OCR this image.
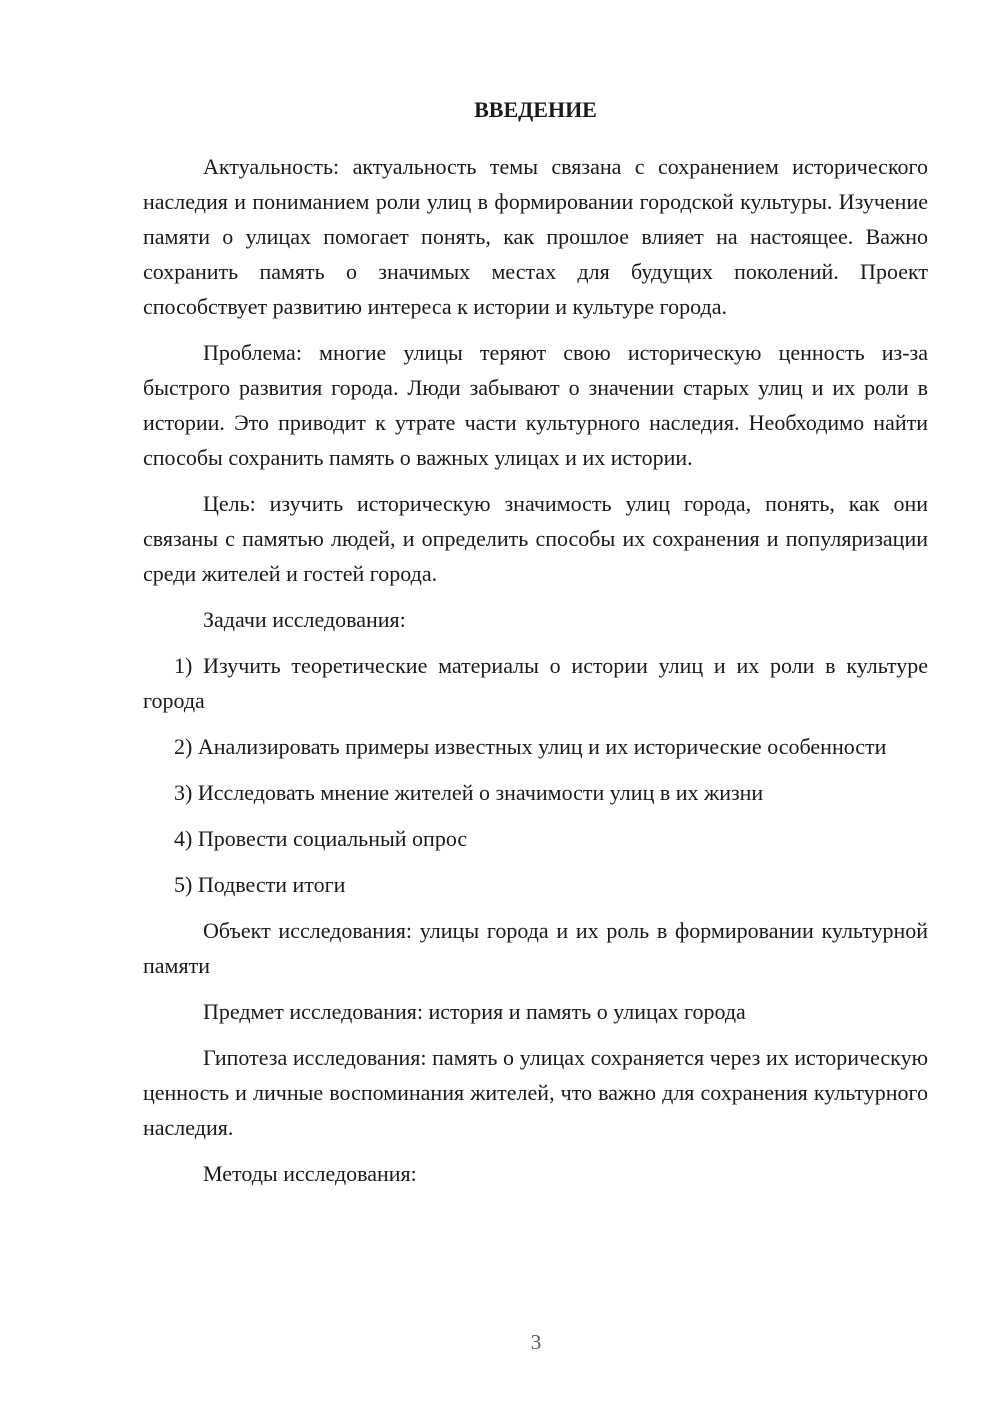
ВВЕДЕНИЕ

Актуальность: актуальность темы связана с сохранением исторического наследия и пониманием роли улиц в формировании городской культуры. Изучение памяти о улицах помогает понять, как прошлое влияет на настоящее. Важно сохранить память о значимых местах для будущих поколений. Проект способствует развитию интереса к истории и культуре города.

Проблема: многие улицы теряют свою историческую ценность из-за быстрого развития города. Люди забывают о значении старых улиц и их роли в истории. Это приводит к утрате части культурного наследия. Необходимо найти способы сохранить память о важных улицах и их истории.

Цель: изучить историческую значимость улиц города, понять, как они связаны с памятью людей, и определить способы их сохранения и популяризации среди жителей и гостей города.

Задачи исследования:

1) Изучить теоретические материалы о истории улиц и их роли в культуре города

2) Анализировать примеры известных улиц и их исторические особенности

3) Исследовать мнение жителей о значимости улиц в их жизни

4) Провести социальный опрос

5) Подвести итоги

Объект исследования: улицы города и их роль в формировании культурной памяти

Предмет исследования: история и память о улицах города

Гипотеза исследования: память о улицах сохраняется через их историческую ценность и личные воспоминания жителей, что важно для сохранения культурного наследия.

Методы исследования:

3
